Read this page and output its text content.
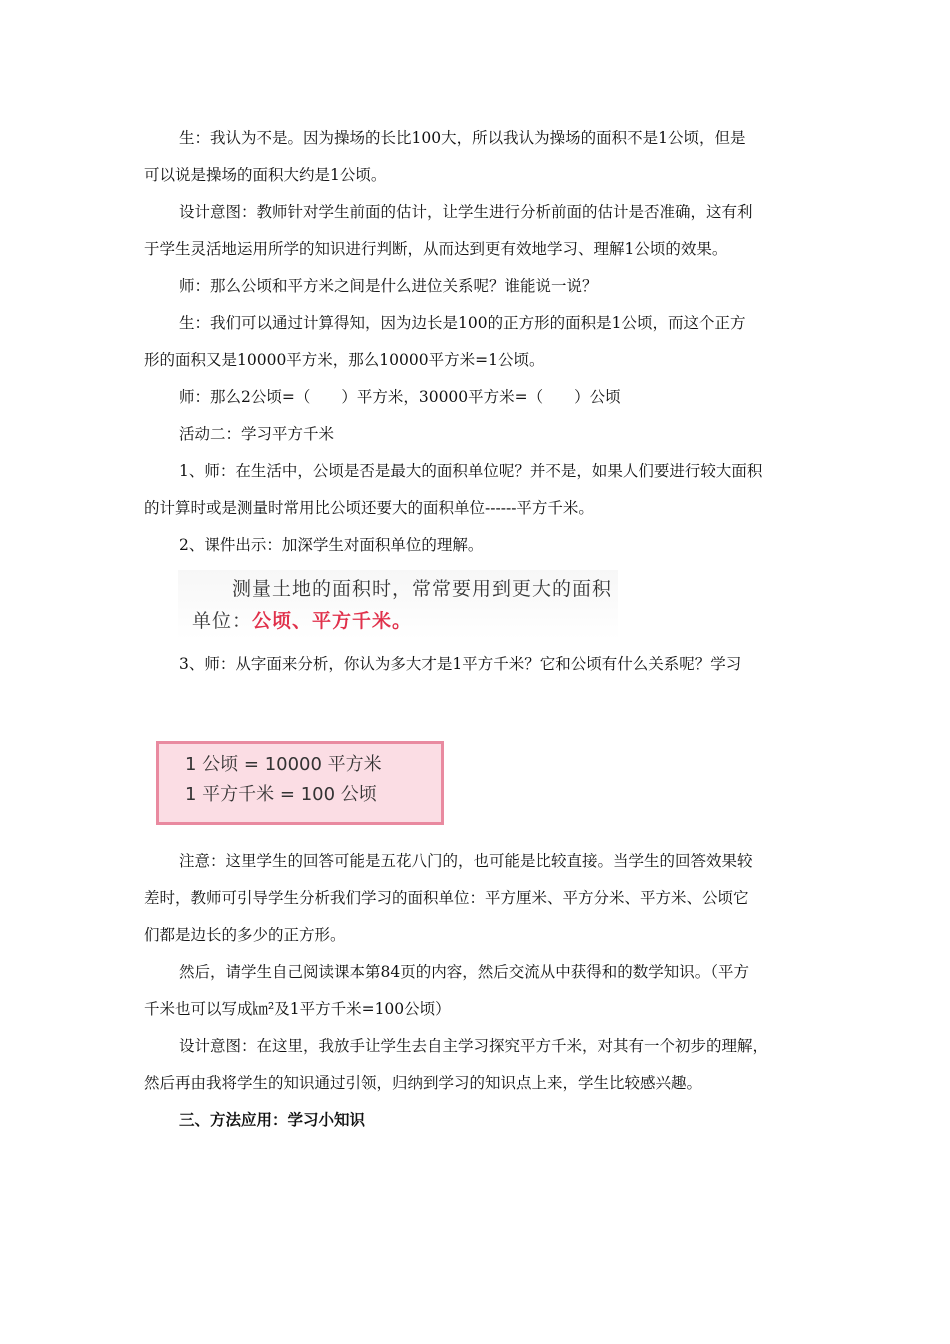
生：我认为不是。因为操场的长比100大，所以我认为操场的面积不是1公顷，但是

可以说是操场的面积大约是1公顷。

设计意图：教师针对学生前面的估计，让学生进行分析前面的估计是否准确，这有利

于学生灵活地运用所学的知识进行判断，从而达到更有效地学习、理解1公顷的效果。

师：那么公顷和平方米之间是什么进位关系呢？谁能说一说？

生：我们可以通过计算得知，因为边长是100的正方形的面积是1公顷，而这个正方

形的面积又是10000平方米，那么10000平方米=1公顷。

师：那么2公顷=（　　）平方米，30000平方米=（　　）公顷

活动二：学习平方千米

1、师：在生活中，公顷是否是最大的面积单位呢？并不是，如果人们要进行较大面积

的计算时或是测量时常用比公顷还要大的面积单位------平方千米。

2、课件出示：加深学生对面积单位的理解。

测量土地的面积时，常常要用到更大的面积
单位：公顷、平方千米。

3、师：从字面来分析，你认为多大才是1平方千米？它和公顷有什么关系呢？学习

1 公顷 = 10000 平方米
1 平方千米 = 100 公顷

注意：这里学生的回答可能是五花八门的，也可能是比较直接。当学生的回答效果较

差时，教师可引导学生分析我们学习的面积单位：平方厘米、平方分米、平方米、公顷它

们都是边长的多少的正方形。

然后，请学生自己阅读课本第84页的内容，然后交流从中获得和的数学知识。（平方

千米也可以写成㎞²及1平方千米=100公顷）

设计意图：在这里，我放手让学生去自主学习探究平方千米，对其有一个初步的理解，

然后再由我将学生的知识通过引领，归纳到学习的知识点上来，学生比较感兴趣。

三、方法应用：学习小知识
